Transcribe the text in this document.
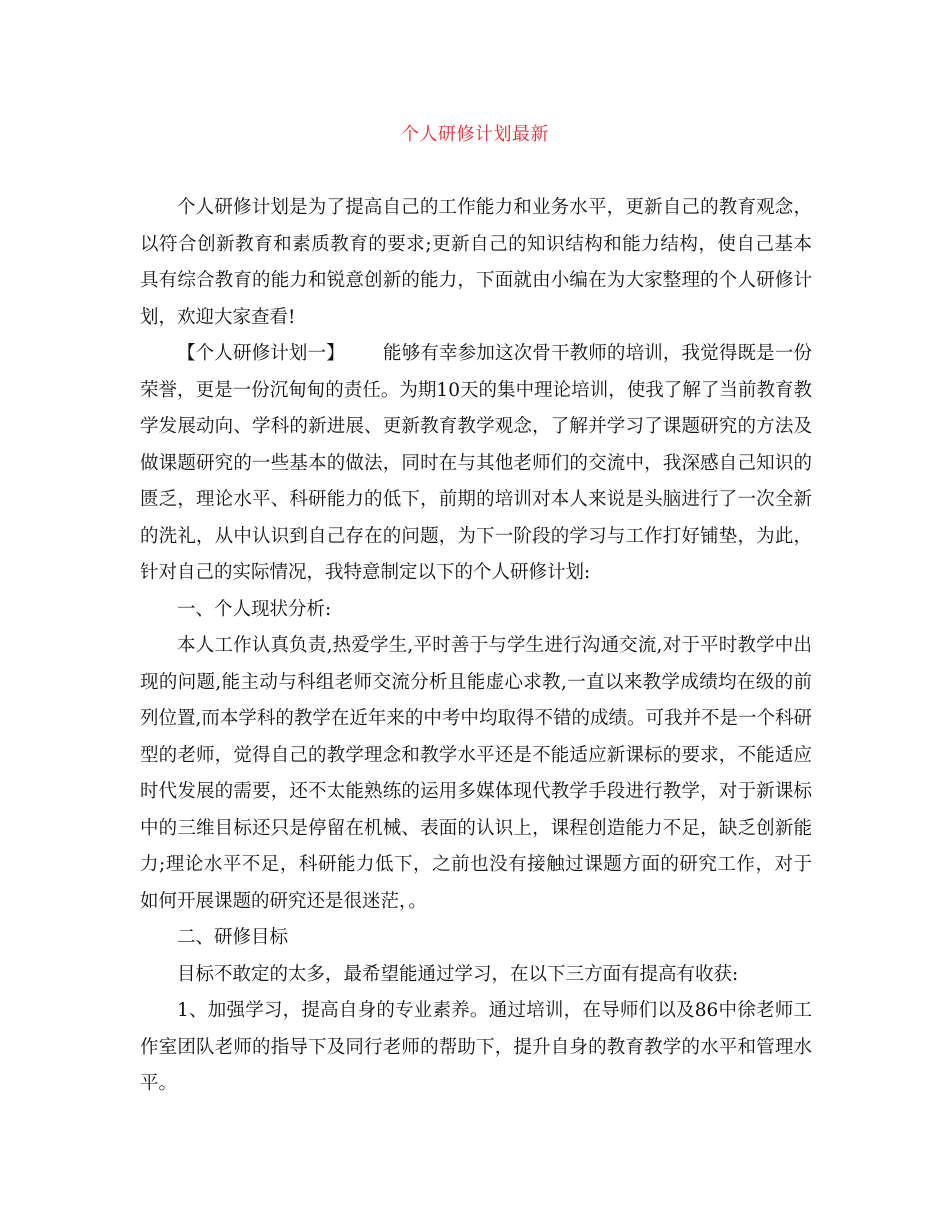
个人研修计划最新

个人研修计划是为了提高自己的工作能力和业务水平，更新自己的教育观念，以符合创新教育和素质教育的要求;更新自己的知识结构和能力结构，使自己基本具有综合教育的能力和锐意创新的能力，下面就由小编在为大家整理的个人研修计划，欢迎大家查看!

【个人研修计划一】 能够有幸参加这次骨干教师的培训，我觉得既是一份荣誉，更是一份沉甸甸的责任。为期10天的集中理论培训，使我了解了当前教育教学发展动向、学科的新进展、更新教育教学观念，了解并学习了课题研究的方法及做课题研究的一些基本的做法，同时在与其他老师们的交流中，我深感自己知识的匮乏，理论水平、科研能力的低下，前期的培训对本人来说是头脑进行了一次全新的洗礼，从中认识到自己存在的问题，为下一阶段的学习与工作打好铺垫，为此，针对自己的实际情况，我特意制定以下的个人研修计划:

一、个人现状分析:

本人工作认真负责,热爱学生,平时善于与学生进行沟通交流,对于平时教学中出现的问题,能主动与科组老师交流分析且能虚心求教,一直以来教学成绩均在级的前列位置,而本学科的教学在近年来的中考中均取得不错的成绩。可我并不是一个科研型的老师，觉得自己的教学理念和教学水平还是不能适应新课标的要求，不能适应时代发展的需要，还不太能熟练的运用多媒体现代教学手段进行教学，对于新课标中的三维目标还只是停留在机械、表面的认识上，课程创造能力不足，缺乏创新能力;理论水平不足，科研能力低下，之前也没有接触过课题方面的研究工作，对于如何开展课题的研究还是很迷茫，。

二、研修目标

目标不敢定的太多，最希望能通过学习，在以下三方面有提高有收获:

1、加强学习，提高自身的专业素养。通过培训，在导师们以及86中徐老师工作室团队老师的指导下及同行老师的帮助下，提升自身的教育教学的水平和管理水平。
